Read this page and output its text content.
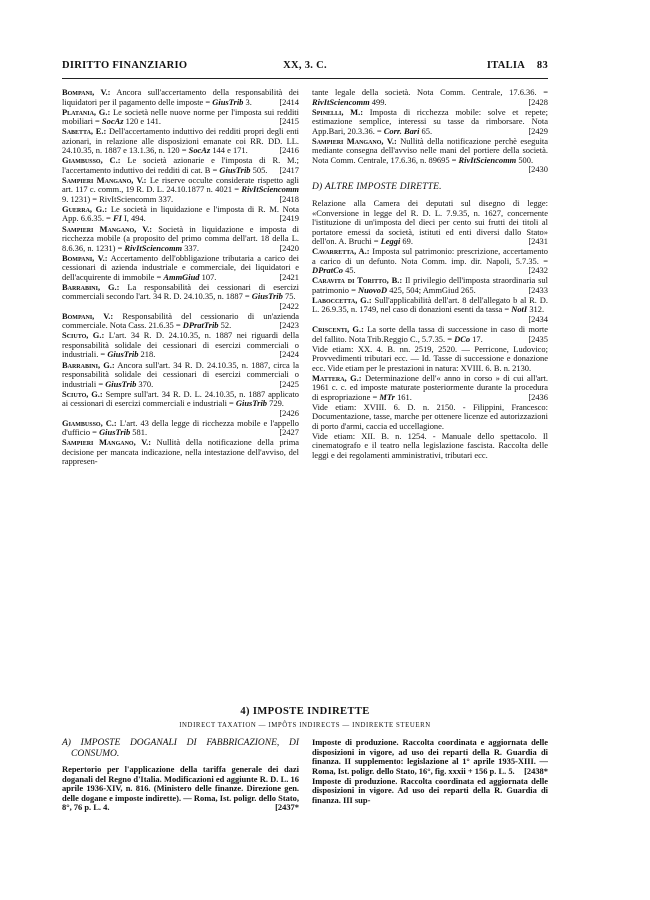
DIRITTO FINANZIARIO	XX, 3. C.	ITALIA 83
Bompani, V.: Ancora sull'accertamento della responsabilità dei liquidatori per il pagamento delle imposte = GiusTrib 3.	[2414
Platania, G.: Le società nelle nuove norme per l'imposta sui redditi mobiliari = SocAz 120 e 141.	[2415
Sabetta, E.: Dell'accertamento induttivo dei redditi propri degli enti azionari, in relazione alle disposizioni emanate coi RR. DD. LL. 24.10.35, n. 1887 e 13.1.36, n. 120 = SocAz 144 e 171.	[2416
Giambusso, C.: Le società azionarie e l'imposta di R. M.; l'accertamento induttivo dei redditi di cat. B = GiusTrib 505. [2417
Sampieri Mangano, V.: Le riserve occulte considerate rispetto agli art. 117 c. comm., 19 R. D. L. 24.10.1877 n. 4021 = RivItSciencomm 9. 1231) = RivItSciencomm 337.	[2418
Guerra, G.: Le società in liquidazione e l'imposta di R. M. Nota App. 6.6.35. = FI I, 494.	[2419
Sampieri Mangano, V.: Società in liquidazione e imposta di ricchezza mobile (a proposito del primo comma dell'art. 18 della L. 8.6.36, n. 1231) = RivItSciencomm 337.	[2420
Bompani, V.: Accertamento dell'obbligazione tributaria a carico dei cessionari di azienda industriale e commerciale, dei liquidatori e dell'acquirente di immobile = AmmGiud 107.	[2421
Barrabini, G.: La responsabilità dei cessionari di esercizi commerciali secondo l'art. 34 R. D. 24.10.35, n. 1887 = GiusTrib 75.
[2422
Bompani, V.: Responsabilità del cessionario di un'azienda commerciale. Nota Cass. 21.6.35 = DPratTrib 52.	[2423
Sciuto, G.: L'art. 34 R. D. 24.10.35, n. 1887 nei riguardi della responsabilità solidale dei cessionari di esercizi commerciali o industriali. = GiusTrib 218.	[2424
Barrabini, G.: Ancora sull'art. 34 R. D. 24.10.35, n. 1887, circa la responsabilità solidale dei cessionari di esercizi commerciali o industriali = GiusTrib 370.	[2425
Sciuto, G.: Sempre sull'art. 34 R. D. L. 24.10.35, n. 1887 applicato ai cessionari di esercizi commerciali e industriali = GiusTrib 729.
[2426
Giambusso, C.: L'art. 43 della legge di ricchezza mobile e l'appello d'ufficio = GiusTrib 581.	[2427
Sampieri Mangano, V.: Nullità della notificazione della prima decisione per mancata indicazione, nella intestazione dell'avviso, del rappresen-
tante legale della società. Nota Comm. Centrale, 17.6.36. = RivItSciencomm 499.	[2428
Spinelli, M.: Imposta di ricchezza mobile: solve et repete; estimazione semplice, interessi su tasse da rimborsare. Nota App.Bari, 20.3.36. = Corr. Bari 65.	[2429
Sampieri Mangano, V.: Nullità della notificazione perchè eseguita mediante consegna dell'avviso nelle mani del portiere della società. Nota Comm. Centrale, 17.6.36, n. 89695 = RivItSciencomm 500.
[2430
D) ALTRE IMPOSTE DIRETTE.
Relazione alla Camera dei deputati sul disegno di legge: «Conversione in legge del R. D. L. 7.9.35, n. 1627, concernente l'istituzione di un'imposta del dieci per cento sui frutti dei titoli al portatore emessi da società, istituti ed enti diversi dallo Stato» dell'on. A. Bruchi = Leggi 69.	[2431
Cavarretta, A.: Imposta sul patrimonio: prescrizione, accertamento a carico di un defunto. Nota Comm. imp. dir. Napoli, 5.7.35. = DPratCo 45.	[2432
Caravita di Toritto, B.: Il privilegio dell'imposta straordinaria sul patrimonio = NuovoD 425, 504; AmmGiud 265.	[2433
Laboccetta, G.: Sull'applicabilità dell'art. 8 dell'allegato b al R. D. L. 26.9.35, n. 1749, nel caso di donazioni esenti da tassa = NotI 312.
[2434
Criscenti, G.: La sorte della tassa di successione in caso di morte del fallito. Nota Trib.Reggio C., 5.7.35. = DCo 17.	[2435
Vide etiam: XX. 4. B. nn. 2519, 2520. — Perricone, Ludovico; Provvedimenti tributari ecc. — Id. Tasse di successione e donazione ecc. Vide etiam per le prestazioni in natura: XVIII. 6. B. n. 2130.
Mattera, G.: Determinazione dell'« anno in corso » di cui all'art. 1961 c. c. ed imposte maturate posteriormente durante la procedura di espropriazione = MTr 161.	[2436
Vide etiam: XVIII. 6. D. n. 2150. - Filippini, Francesco: Documentazione, tasse, marche per ottenere licenze ed autorizzazioni di porto d'armi, caccia ed uccellagione.
Vide etiam: XII. B. n. 1254. - Manuale dello spettacolo. Il cinematografo e il teatro nella legislazione fascista. Raccolta delle leggi e dei regolamenti amministrativi, tributari ecc.
4) IMPOSTE INDIRETTE
INDIRECT TAXATION — IMPÔTS INDIRECTS — INDIREKTE STEUERN
A) IMPOSTE DOGANALI DI FABBRICAZIONE, DI CONSUMO.
Repertorio per l'applicazione della tariffa generale dei dazi doganali del Regno d'Italia. Modificazioni ed aggiunte R. D. L. 16 aprile 1936-XIV, n. 816. (Ministero delle finanze. Direzione gen. delle dogane e imposte indirette). — Roma, Ist. poligr. dello Stato, 8°, 76 p. L. 4.	[2437*
Imposte di produzione. Raccolta coordinata e aggiornata delle disposizioni in vigore, ad uso dei reparti della R. Guardia di finanza. II supplemento: legislazione al 1° aprile 1935-XIII. — Roma, Ist. poligr. dello Stato, 16°, fig. xxxii + 156 p. L. 5. [2438*
Imposte di produzione. Raccolta coordinata ed aggiornata delle disposizioni in vigore. Ad uso dei reparti della R. Guardia di finanza. III sup-
